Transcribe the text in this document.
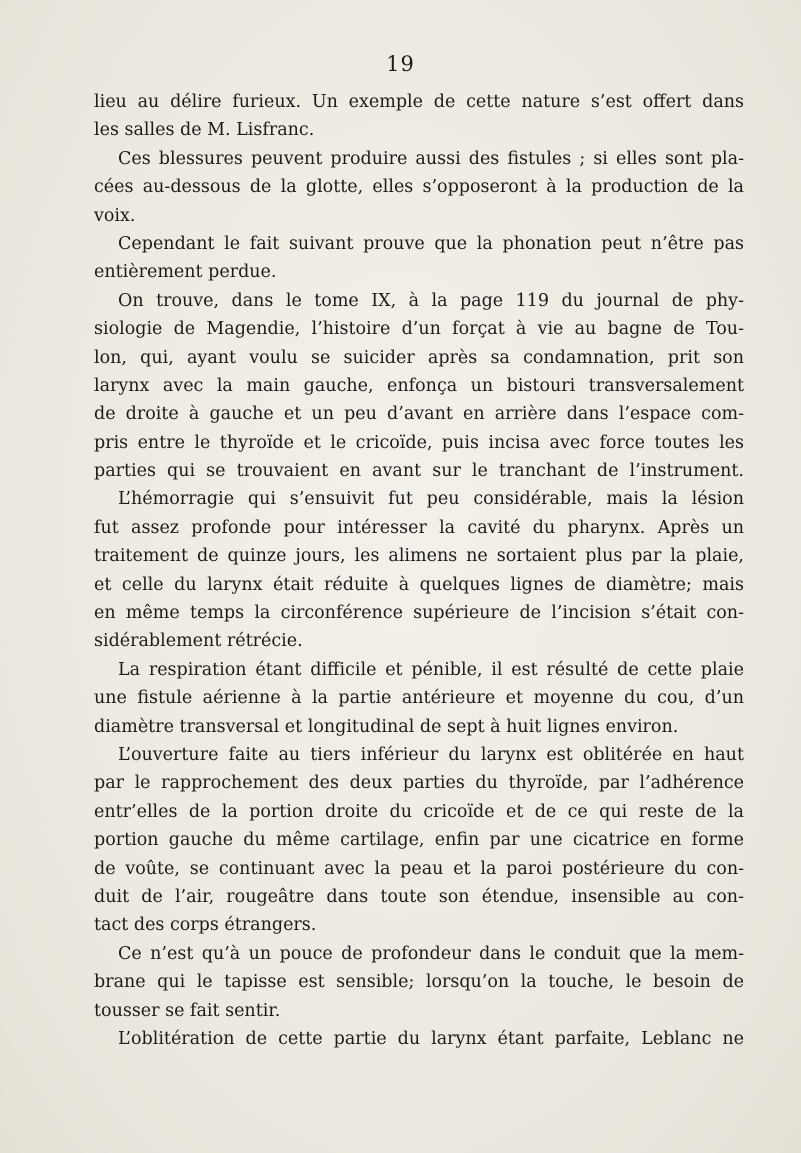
19
lieu au délire furieux. Un exemple de cette nature s’est offert dans
les salles de M. Lisfranc.
Ces blessures peuvent produire aussi des fistules ; si elles sont pla-
cées au-dessous de la glotte, elles s’opposeront à la production de la
voix.
Cependant le fait suivant prouve que la phonation peut n’être pas
entièrement perdue.
On trouve, dans le tome IX, à la page 119 du journal de phy-
siologie de Magendie, l’histoire d’un forçat à vie au bagne de Tou-
lon, qui, ayant voulu se suicider après sa condamnation, prit son
larynx avec la main gauche, enfonça un bistouri transversalement
de droite à gauche et un peu d’avant en arrière dans l’espace com-
pris entre le thyroïde et le cricoïde, puis incisa avec force toutes les
parties qui se trouvaient en avant sur le tranchant de l’instrument.
L’hémorragie qui s’ensuivit fut peu considérable, mais la lésion
fut assez profonde pour intéresser la cavité du pharynx. Après un
traitement de quinze jours, les alimens ne sortaient plus par la plaie,
et celle du larynx était réduite à quelques lignes de diamètre; mais
en même temps la circonférence supérieure de l’incision s’était con-
sidérablement rétrécie.
La respiration étant difficile et pénible, il est résulté de cette plaie
une fistule aérienne à la partie antérieure et moyenne du cou, d’un
diamètre transversal et longitudinal de sept à huit lignes environ.
L’ouverture faite au tiers inférieur du larynx est oblitérée en haut
par le rapprochement des deux parties du thyroïde, par l’adhérence
entr’elles de la portion droite du cricoïde et de ce qui reste de la
portion gauche du même cartilage, enfin par une cicatrice en forme
de voûte, se continuant avec la peau et la paroi postérieure du con-
duit de l’air, rougeâtre dans toute son étendue, insensible au con-
tact des corps étrangers.
Ce n’est qu’à un pouce de profondeur dans le conduit que la mem-
brane qui le tapisse est sensible; lorsqu’on la touche, le besoin de
tousser se fait sentir.
L’oblitération de cette partie du larynx étant parfaite, Leblanc ne
